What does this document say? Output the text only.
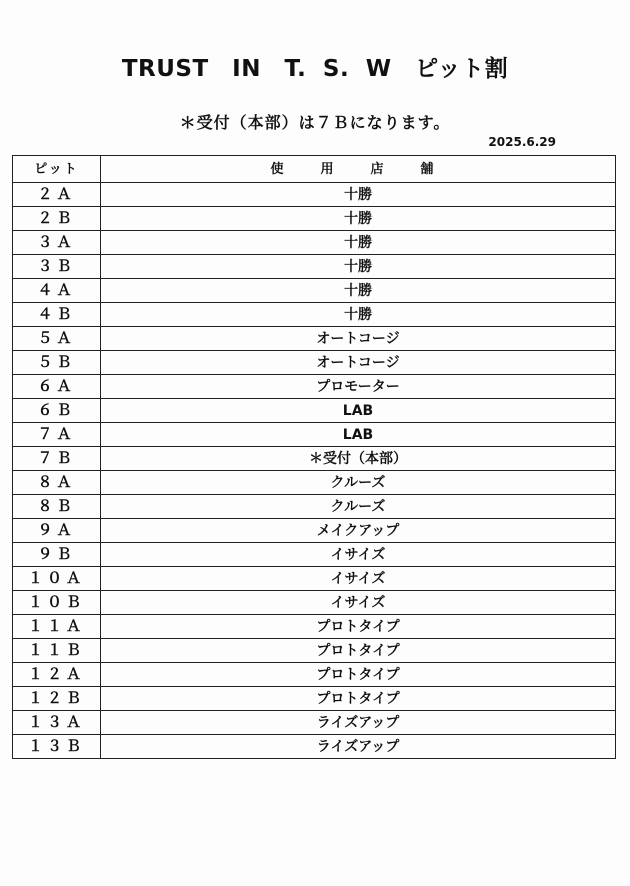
TRUST　IN　T. S. W　ピット割
＊受付（本部）は７Ｂになります。
2025.6.29
ピット	使　用　店　舗
２Ａ	十勝
２Ｂ	十勝
３Ａ	十勝
３Ｂ	十勝
４Ａ	十勝
４Ｂ	十勝
５Ａ	オートコージ
５Ｂ	オートコージ
６Ａ	プロモーター
６Ｂ	LAB
７Ａ	LAB
７Ｂ	＊受付（本部）
８Ａ	クルーズ
８Ｂ	クルーズ
９Ａ	メイクアップ
９Ｂ	イサイズ
１０Ａ	イサイズ
１０Ｂ	イサイズ
１１Ａ	プロトタイプ
１１Ｂ	プロトタイプ
１２Ａ	プロトタイプ
１２Ｂ	プロトタイプ
１３Ａ	ライズアップ
１３Ｂ	ライズアップ
